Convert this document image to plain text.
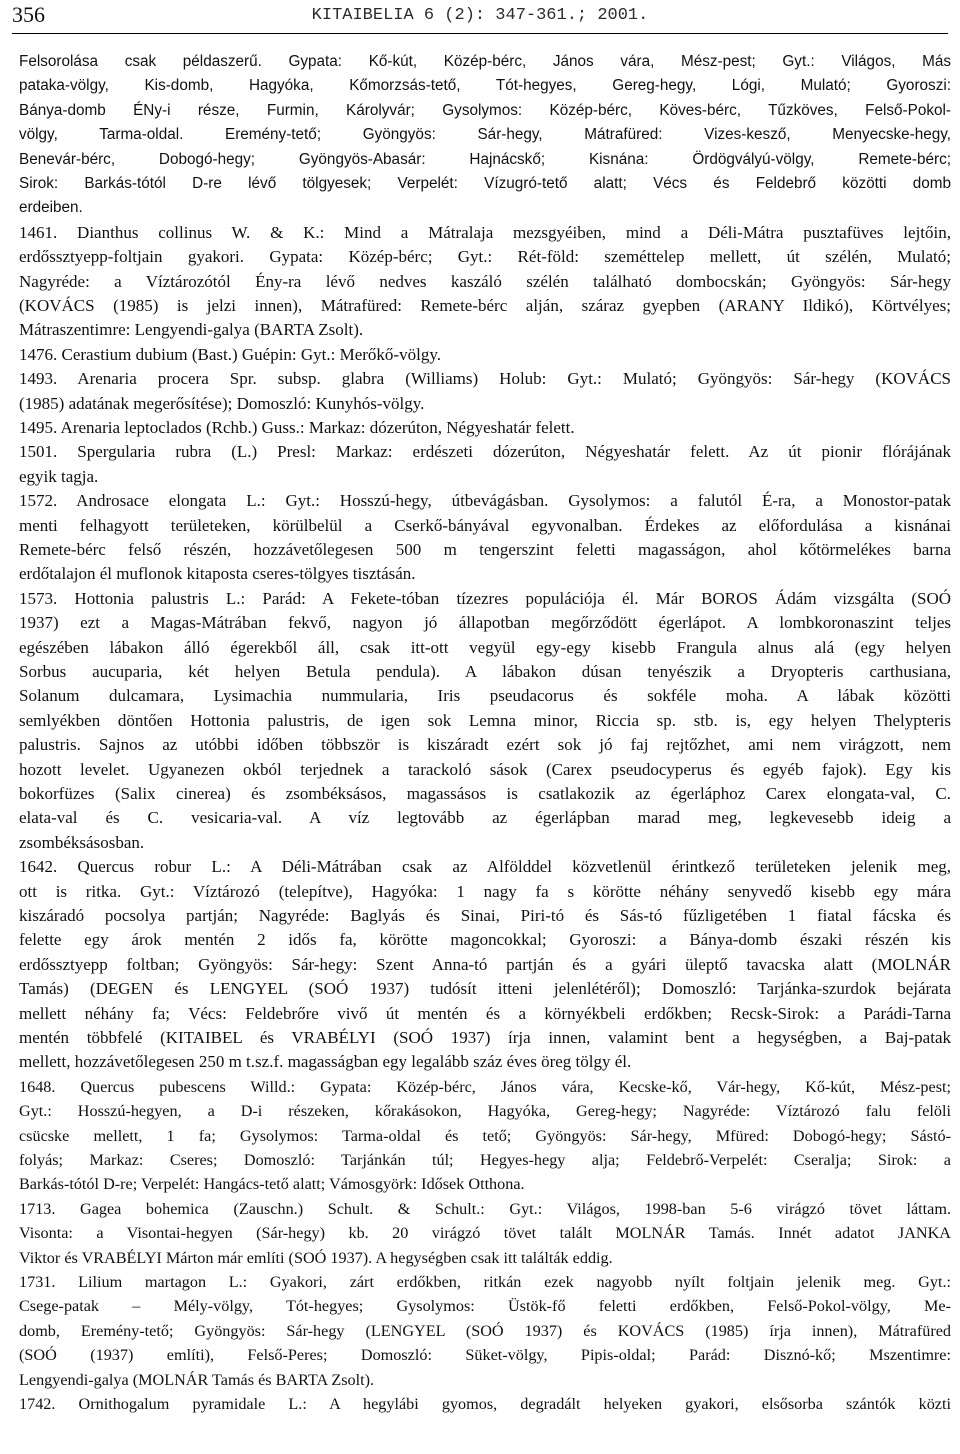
356	KITAIBELIA 6 (2): 347-361.; 2001.
Felsorolása csak példaszerű. Gypata: Kő-kút, Közép-bérc, János vára, Mész-pest; Gyt.: Világos, Más
pataka-völgy, Kis-domb, Hagyóka, Kőmorzsás-tető, Tót-hegyes, Gereg-hegy, Lógi, Mulató; Gyoroszi:
Bánya-domb ÉNy-i része, Furmin, Károlyvár; Gysolymos: Közép-bérc, Köves-bérc, Tűzköves, Felső-Pokol-
völgy, Tarma-oldal. Eremény-tető; Gyöngyös: Sár-hegy, Mátrafüred: Vizes-kesző, Menyecske-hegy,
Benevár-bérc, Dobogó-hegy; Gyöngyös-Abasár: Hajnácskő; Kisnána: Ördögvályú-völgy, Remete-bérc;
Sirok: Barkás-tótól D-re lévő tölgyesek; Verpelét: Vízugró-tető alatt; Vécs és Feldebrő közötti domb
erdeiben.
1461. Dianthus collinus W. & K.: Mind a Mátralaja mezsgyéiben, mind a Déli-Mátra pusztafüves lejtőin,
erdőssztyepp-foltjain gyakori. Gypata: Közép-bérc; Gyt.: Rét-föld: szeméttelep mellett, út szélén, Mulató;
Nagyréde: a Víztározótól Ény-ra lévő nedves kaszáló szélén található dombocskán; Gyöngyös: Sár-hegy
(KOVÁCS (1985) is jelzi innen), Mátrafüred: Remete-bérc alján, száraz gyepben (ARANY Ildikó), Körtvélyes;
Mátraszentimre: Lengyendi-galya (BARTA Zsolt).
1476. Cerastium dubium (Bast.) Guépin: Gyt.: Merőkő-völgy.
1493. Arenaria procera Spr. subsp. glabra (Williams) Holub: Gyt.: Mulató; Gyöngyös: Sár-hegy (KOVÁCS
(1985) adatának megerősítése); Domoszló: Kunyhós-völgy.
1495. Arenaria leptoclados (Rchb.) Guss.: Markaz: dózerúton, Négyeshatár felett.
1501. Spergularia rubra (L.) Presl: Markaz: erdészeti dózerúton, Négyeshatár felett. Az út pionir flórájának
egyik tagja.
1572. Androsace elongata L.: Gyt.: Hosszú-hegy, útbevágásban. Gysolymos: a falutól É-ra, a Monostor-patak
menti felhagyott területeken, körülbelül a Cserkő-bányával egyvonalban. Érdekes az előfordulása a kisnánai
Remete-bérc felső részén, hozzávetőlegesen 500 m tengerszint feletti magasságon, ahol kőtörmelékes barna
erdőtalajon él muflonok kitaposta cseres-tölgyes tisztásán.
1573. Hottonia palustris L.: Parád: A Fekete-tóban tízezres populációja él. Már BOROS Ádám vizsgálta (SOÓ
1937) ezt a Magas-Mátrában fekvő, nagyon jó állapotban megőrződött égerlápot. A lombkoronaszint teljes
egészében lábakon álló égerekből áll, csak itt-ott vegyül egy-egy kisebb Frangula alnus alá (egy helyen
Sorbus aucuparia, két helyen Betula pendula). A lábakon dúsan tenyészik a Dryopteris carthusiana,
Solanum dulcamara, Lysimachia nummularia, Iris pseudacorus és sokféle moha. A lábak közötti
semlyékben döntően Hottonia palustris, de igen sok Lemna minor, Riccia sp. stb. is, egy helyen Thelypteris
palustris. Sajnos az utóbbi időben többször is kiszáradt ezért sok jó faj rejtőzhet, ami nem virágzott, nem
hozott levelet. Ugyanezen okból terjednek a tarackoló sások (Carex pseudocyperus és egyéb fajok). Egy kis
bokorfüzes (Salix cinerea) és zsombéksásos, magassásos is csatlakozik az égerláphoz Carex elongata-val, C.
elata-val és C. vesicaria-val. A víz legtovább az égerlápban marad meg, legkevesebb ideig a
zsombéksásosban.
1642. Quercus robur L.: A Déli-Mátrában csak az Alfölddel közvetlenül érintkező területeken jelenik meg,
ott is ritka. Gyt.: Víztározó (telepítve), Hagyóka: 1 nagy fa s körötte néhány senyvedő kisebb egy mára
kiszáradó pocsolya partján; Nagyréde: Baglyás és Sinai, Piri-tó és Sás-tó fűzligetében 1 fiatal fácska és
felette egy árok mentén 2 idős fa, körötte magoncokkal; Gyoroszi: a Bánya-domb északi részén kis
erdőssztyepp foltban; Gyöngyös: Sár-hegy: Szent Anna-tó partján és a gyári üleptő tavacska alatt (MOLNÁR
Tamás) (DEGEN és LENGYEL (SOÓ 1937) tudósít itteni jelenlétéről); Domoszló: Tarjánka-szurdok bejárata
mellett néhány fa; Vécs: Feldebrőre vivő út mentén és a környékbeli erdőkben; Recsk-Sirok: a Parádi-Tarna
mentén többfelé (KITAIBEL és VRABÉLYI (SOÓ 1937) írja innen, valamint bent a hegységben, a Baj-patak
mellett, hozzávetőlegesen 250 m t.sz.f. magasságban egy legalább száz éves öreg tölgy él.
1648. Quercus pubescens Willd.: Gypata: Közép-bérc, János vára, Kecske-kő, Vár-hegy, Kő-kút, Mész-pest;
Gyt.: Hosszú-hegyen, a D-i részeken, kőrakásokon, Hagyóka, Gereg-hegy; Nagyréde: Víztározó falu felöli
csücske mellett, 1 fa; Gysolymos: Tarma-oldal és tető; Gyöngyös: Sár-hegy, Mfüred: Dobogó-hegy; Sástó-
folyás; Markaz: Cseres; Domoszló: Tarjánkán túl; Hegyes-hegy alja; Feldebrő-Verpelét: Cseralja; Sirok: a
Barkás-tótól D-re; Verpelét: Hangács-tető alatt; Vámosgyörk: Idősek Otthona.
1713. Gagea bohemica (Zauschn.) Schult. & Schult.: Gyt.: Világos, 1998-ban 5-6 virágzó tövet láttam.
Visonta: a Visontai-hegyen (Sár-hegy) kb. 20 virágzó tövet talált MOLNÁR Tamás. Innét adatot JANKA
Viktor és VRABÉLYI Márton már említi (SOÓ 1937). A hegységben csak itt találták eddig.
1731. Lilium martagon L.: Gyakori, zárt erdőkben, ritkán ezek nagyobb nyílt foltjain jelenik meg. Gyt.:
Csege-patak – Mély-völgy, Tót-hegyes; Gysolymos: Üstök-fő feletti erdőkben, Felső-Pokol-völgy, Me-
domb, Eremény-tető; Gyöngyös: Sár-hegy (LENGYEL (SOÓ 1937) és KOVÁCS (1985) írja innen), Mátrafüred
(SOÓ (1937) említi), Felső-Peres; Domoszló: Süket-völgy, Pipis-oldal; Parád: Disznó-kő; Mszentimre:
Lengyendi-galya (MOLNÁR Tamás és BARTA Zsolt).
1742. Ornithogalum pyramidale L.: A hegylábi gyomos, degradált helyeken gyakori, elsősorba szántók közti
